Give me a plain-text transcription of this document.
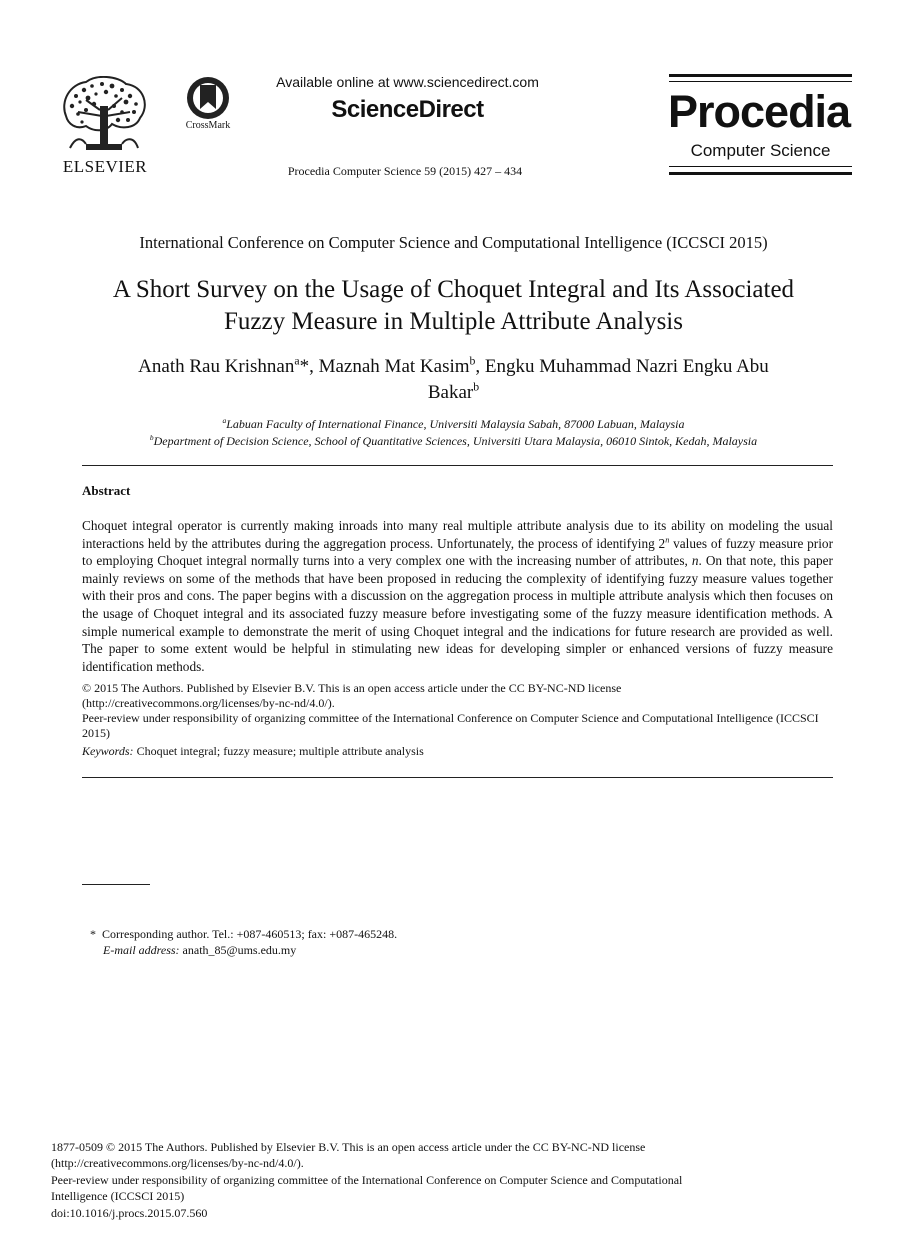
ELSEVIER
CrossMark
Available online at www.sciencedirect.com
ScienceDirect
Procedia Computer Science 59 (2015) 427 – 434
Procedia
Computer Science
International Conference on Computer Science and Computational Intelligence (ICCSCI 2015)
A Short Survey on the Usage of Choquet Integral and Its Associated
Fuzzy Measure in Multiple Attribute Analysis
Anath Rau Krishnan$^a$*, Maznah Mat Kasim$^b$, Engku Muhammad Nazri Engku Abu
Bakar$^b$
$^a$Labuan Faculty of International Finance, Universiti Malaysia Sabah, 87000 Labuan, Malaysia
$^b$Department of Decision Science, School of Quantitative Sciences, Universiti Utara Malaysia, 06010 Sintok, Kedah, Malaysia
Abstract
Choquet integral operator is currently making inroads into many real multiple attribute analysis due to its ability on modeling the usual interactions held by the attributes during the aggregation process. Unfortunately, the process of identifying 2$^n$ values of fuzzy measure prior to employing Choquet integral normally turns into a very complex one with the increasing number of attributes, n. On that note, this paper mainly reviews on some of the methods that have been proposed in reducing the complexity of identifying fuzzy measure values together with their pros and cons. The paper begins with a discussion on the aggregation process in multiple attribute analysis which then focuses on the usage of Choquet integral and its associated fuzzy measure before investigating some of the fuzzy measure identification methods. A simple numerical example to demonstrate the merit of using Choquet integral and the indications for future research are provided as well. The paper to some extent would be helpful in stimulating new ideas for developing simpler or enhanced versions of fuzzy measure identification methods.
© 2015 The Authors. Published by Elsevier B.V. This is an open access article under the CC BY-NC-ND license
(http://creativecommons.org/licenses/by-nc-nd/4.0/).
Peer-review under responsibility of organizing committee of the International Conference on Computer Science and Computational Intelligence (ICCSCI 2015)
Keywords: Choquet integral; fuzzy measure; multiple attribute analysis
* Corresponding author. Tel.: +087-460513; fax: +087-465248.
E-mail address: anath_85@ums.edu.my
1877-0509 © 2015 The Authors. Published by Elsevier B.V. This is an open access article under the CC BY-NC-ND license
(http://creativecommons.org/licenses/by-nc-nd/4.0/).
Peer-review under responsibility of organizing committee of the International Conference on Computer Science and Computational
Intelligence (ICCSCI 2015)
doi:10.1016/j.procs.2015.07.560
